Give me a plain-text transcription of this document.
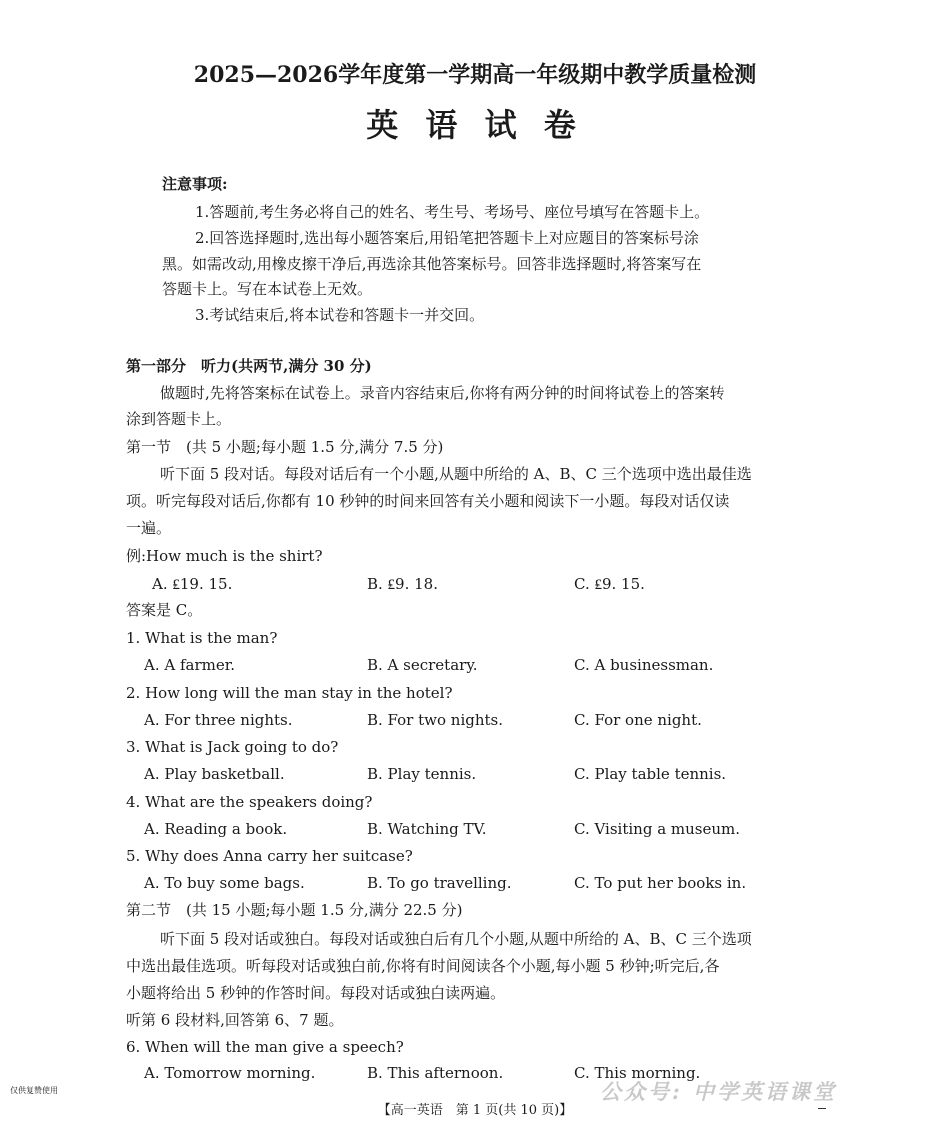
2025—2026学年度第一学期高一年级期中教学质量检测
英 语 试 卷
注意事项:
1.答题前,考生务必将自己的姓名、考生号、考场号、座位号填写在答题卡上。
2.回答选择题时,选出每小题答案后,用铅笔把答题卡上对应题目的答案标号涂
黑。如需改动,用橡皮擦干净后,再选涂其他答案标号。回答非选择题时,将答案写在
答题卡上。写在本试卷上无效。
3.考试结束后,将本试卷和答题卡一并交回。
第一部分　听力(共两节,满分 30 分)
做题时,先将答案标在试卷上。录音内容结束后,你将有两分钟的时间将试卷上的答案转
涂到答题卡上。
第一节　(共 5 小题;每小题 1.5 分,满分 7.5 分)
听下面 5 段对话。每段对话后有一个小题,从题中所给的 A、B、C 三个选项中选出最佳选
项。听完每段对话后,你都有 10 秒钟的时间来回答有关小题和阅读下一小题。每段对话仅读
一遍。
例:How much is the shirt?
A. ₤19. 15.	B. ₤9. 18.	C. ₤9. 15.
答案是 C。
1. What is the man?
A. A farmer.	B. A secretary.	C. A businessman.
2. How long will the man stay in the hotel?
A. For three nights.	B. For two nights.	C. For one night.
3. What is Jack going to do?
A. Play basketball.	B. Play tennis.	C. Play table tennis.
4. What are the speakers doing?
A. Reading a book.	B. Watching TV.	C. Visiting a museum.
5. Why does Anna carry her suitcase?
A. To buy some bags.	B. To go travelling.	C. To put her books in.
第二节　(共 15 小题;每小题 1.5 分,满分 22.5 分)
听下面 5 段对话或独白。每段对话或独白后有几个小题,从题中所给的 A、B、C 三个选项
中选出最佳选项。听每段对话或独白前,你将有时间阅读各个小题,每小题 5 秒钟;听完后,各
小题将给出 5 秒钟的作答时间。每段对话或独白读两遍。
听第 6 段材料,回答第 6、7 题。
6. When will the man give a speech?
A. Tomorrow morning.	B. This afternoon.	C. This morning.
仅供复赞使用	公众号: 中学英语课堂
【高一英语　第 1 页(共 10 页)】
